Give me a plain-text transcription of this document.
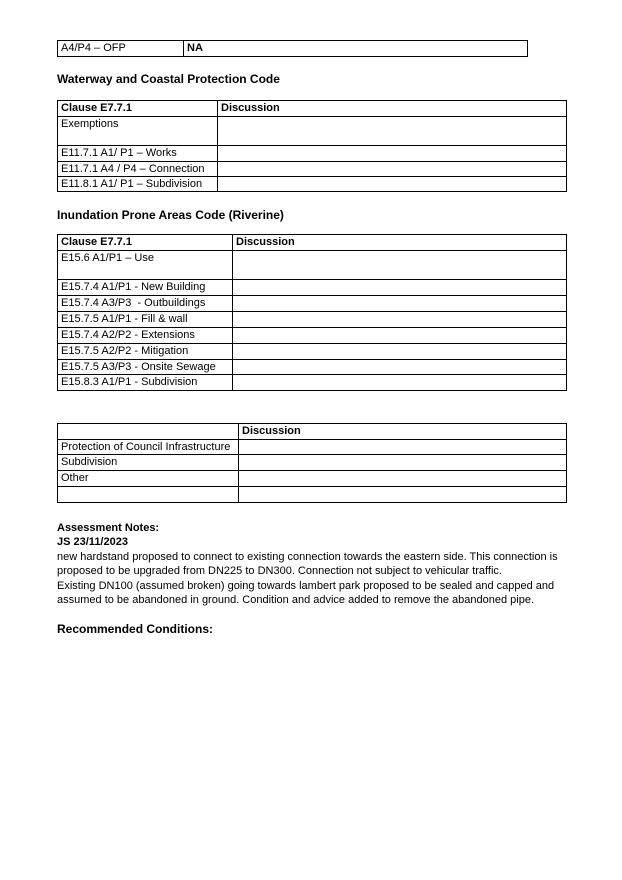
A4/P4 – OFP	NA
Waterway and Coastal Protection Code
Clause E7.7.1	Discussion
Exemptions	
E11.7.1 A1/ P1 – Works	
E11.7.1 A4 / P4 – Connection	
E11.8.1 A1/ P1 – Subdivision	
Inundation Prone Areas Code (Riverine)
Clause E7.7.1	Discussion
E15.6 A1/P1 – Use	
E15.7.4 A1/P1 - New Building	
E15.7.4 A3/P3  - Outbuildings	
E15.7.5 A1/P1 - Fill & wall	
E15.7.4 A2/P2 - Extensions	
E15.7.5 A2/P2 - Mitigation	
E15.7.5 A3/P3 - Onsite Sewage	
E15.8.3 A1/P1 - Subdivision	
	Discussion
Protection of Council Infrastructure	
Subdivision	
Other	

Assessment Notes:

JS 23/11/2023

new hardstand proposed to connect to existing connection towards the eastern side. This connection is proposed to be upgraded from DN225 to DN300. Connection not subject to vehicular traffic.

Existing DN100 (assumed broken) going towards lambert park proposed to be sealed and capped and assumed to be abandoned in ground. Condition and advice added to remove the abandoned pipe.

Recommended Conditions:
